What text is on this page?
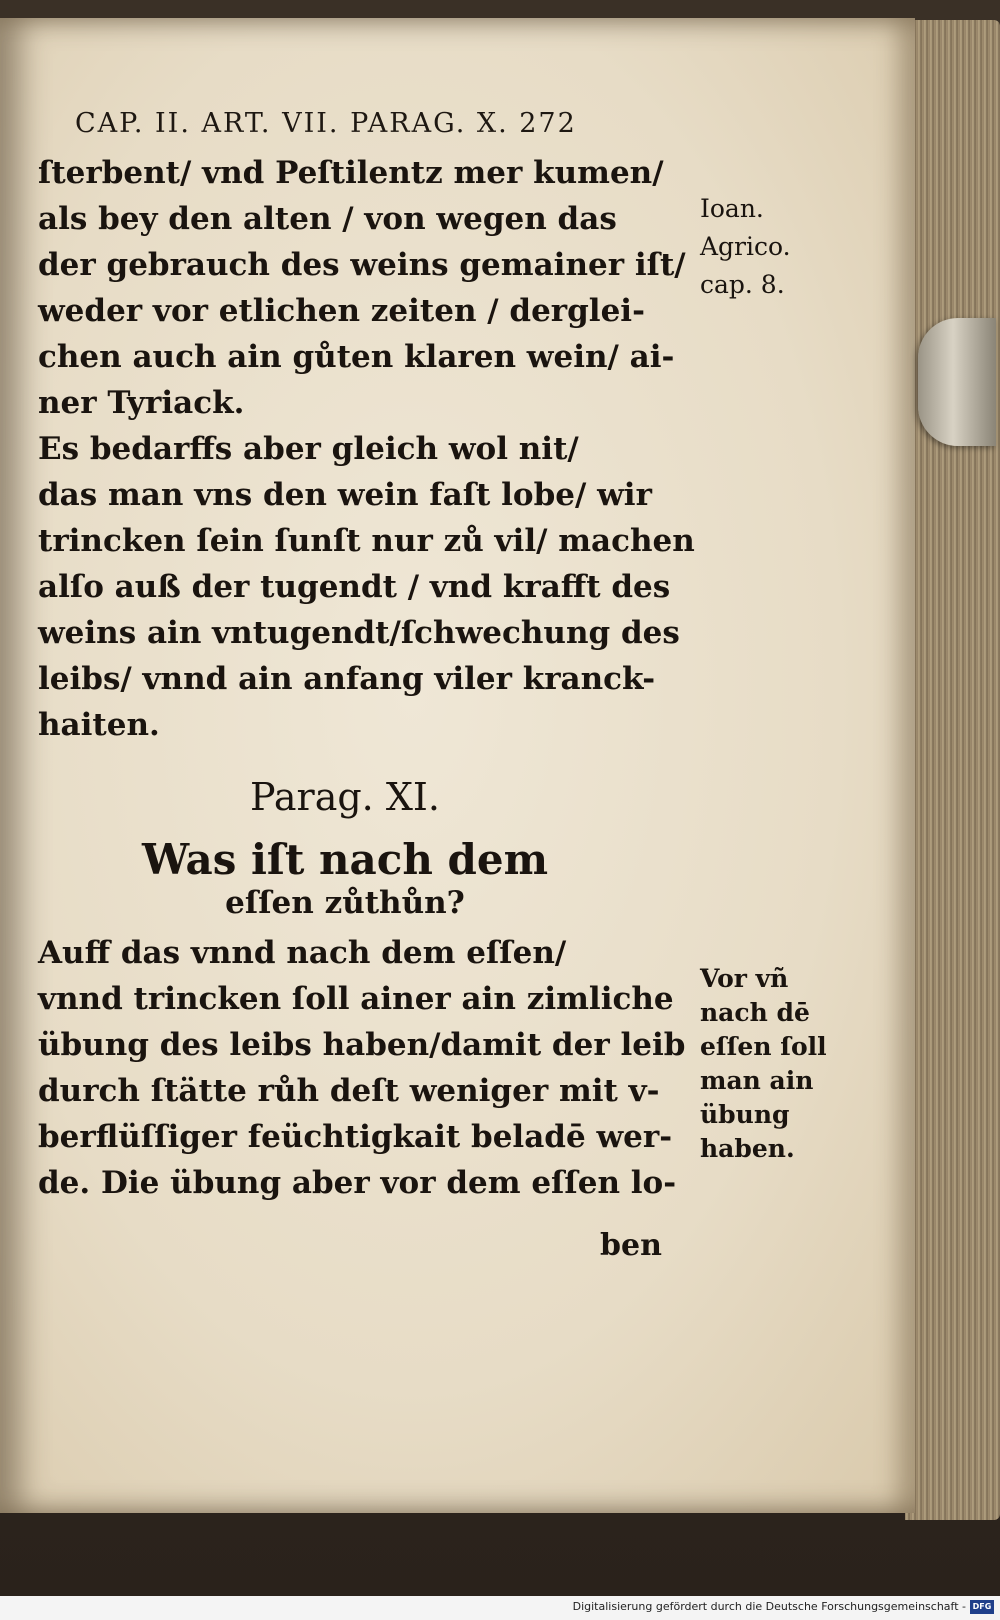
CAP. II. ART. VII. PARAG. X. 272
ſterbent/ vnd Peſtilentz mer kumen/
als bey den alten / von wegen das
der gebrauch des weins gemainer iſt/
weder vor etlichen zeiten / derglei-
chen auch ain gůten klaren wein/ ai-
ner Tyriack.
Es bedarffs aber gleich wol nit/
das man vns den wein faſt lobe/ wir
trincken ſein ſunſt nur zů vil/ machen
alſo auß der tugendt / vnd krafft des
weins ain vntugendt/ſchwechung des
leibs/ vnnd ain anfang viler kranck-
haiten.
Parag. XI.
Was iſt nach dem
eſſen zůthůn?
Auff das vnnd nach dem eſſen/
vnnd trincken ſoll ainer ain zimliche
übung des leibs haben/damit der leib
durch ſtätte růh deſt weniger mit v-
berflüſſiger feüchtigkait beladē wer-
de. Die übung aber vor dem eſſen lo-
ben
Ioan.
Agrico.
cap. 8.
Vor vñ
nach dē
eſſen ſoll
man ain
übung
haben.
Digitalisierung gefördert durch die Deutsche Forschungsgemeinschaft - DFG
